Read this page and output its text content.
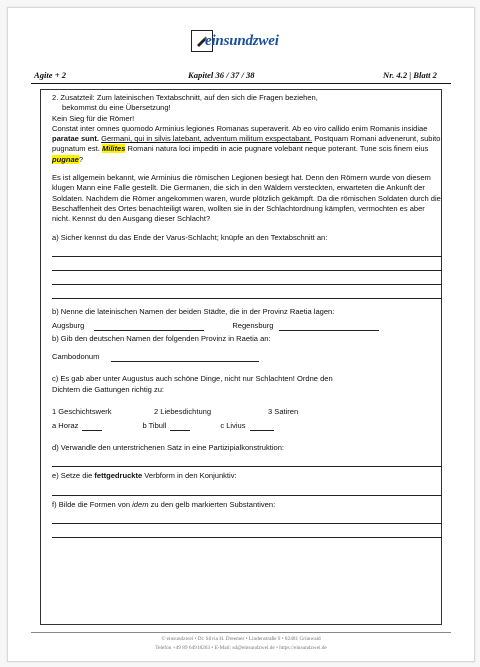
einsundzwei
Agite + 2	Kapitel 36 / 37 / 38	Nr. 4.2 | Blatt 2

2. Zusatzteil: Zum lateinischen Textabschnitt, auf den sich die Fragen beziehen,

bekommst du eine Übersetzung!

Kein Sieg für die Römer!

Constat inter omnes quomodo Arminius legiones Romanas superaverit. Ab eo viro callido enim Romanis insidiae paratae sunt. Germani, qui in silvis latebant, adventum militum exspectabant. Postquam Romani advenerunt, subito pugnatum est. Milites Romani natura loci impediti in acie pugnare volebant neque poterant. Tune scis finem eius pugnae?

Es ist allgemein bekannt, wie Arminius die römischen Legionen besiegt hat. Denn den Römern wurde von diesem klugen Mann eine Falle gestellt. Die Germanen, die sich in den Wäldern versteckten, erwarteten die Ankunft der Soldaten. Nachdem die Römer angekommen waren, wurde plötzlich gekämpft. Da die römischen Soldaten durch die Beschaffenheit des Ortes benachteiligt waren, wollten sie in der Schlachtordnung kämpfen, vermochten es aber nicht. Kennst du den Ausgang dieser Schlacht?

a) Sicher kennst du das Ende der Varus-Schlacht; knüpfe an den Textabschnitt an:

b) Nenne die lateinischen Namen der beiden Städte, die in der Provinz Raetia lagen:

Augsburg	Regensburg

b) Gib den deutschen Namen der folgenden Provinz in Raetia an:

Cambodonum

c) Es gab aber unter Augustus auch schöne Dinge, nicht nur Schlachten! Ordne den

Dichtern die Gattungen richtig zu:

1 Geschichtswerk	2 Liebesdichtung	3 Satiren
a Horaz	b Tibull	c Livius

d) Verwandle den unterstrichenen Satz in eine Partizipialkonstruktion:

e) Setze die fettgedruckte Verbform in den Konjunktiv:

f) Bilde die Formen von idem zu den gelb markierten Substantiven:

© einsundzwei • Dr. Silvia H. Dreemer • Lindenstraße 9 • 82481 Grünwald
Telefon +49 89 64918263 • E-Mail: sd@einsundzwei.de • https://einsundzwei.de
